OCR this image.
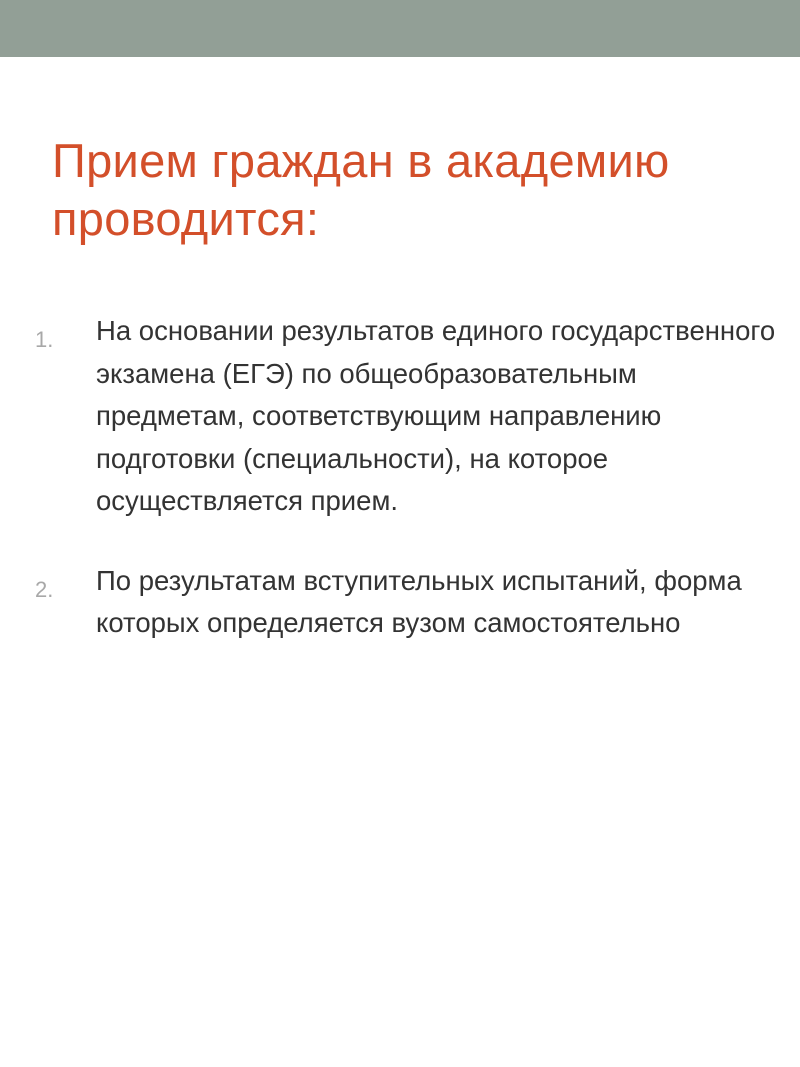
Прием граждан в академию проводится:
1. На основании результатов единого государственного экзамена (ЕГЭ) по общеобразовательным предметам, соответствующим направлению подготовки (специальности), на которое осуществляется прием.
2. По результатам вступительных испытаний, форма которых определяется вузом самостоятельно
